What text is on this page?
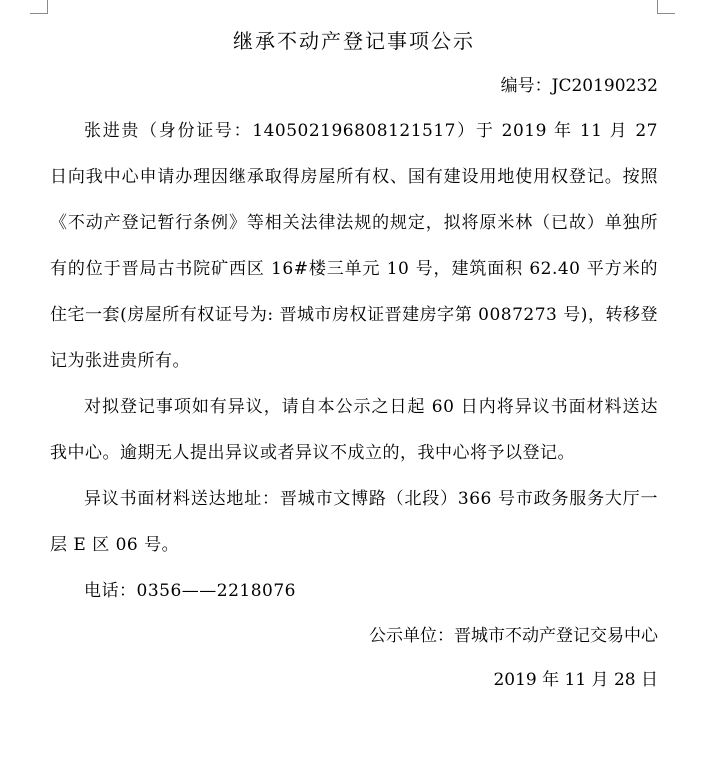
继承不动产登记事项公示

编号：JC20190232

张进贵（身份证号：140502196808121517）于 2019 年 11 月 27 日向我中心申请办理因继承取得房屋所有权、国有建设用地使用权登记。按照《不动产登记暂行条例》等相关法律法规的规定，拟将原米林（已故）单独所有的位于晋局古书院矿西区 16#楼三单元 10 号，建筑面积 62.40 平方米的住宅一套(房屋所有权证号为: 晋城市房权证晋建房字第 0087273 号)，转移登记为张进贵所有。

对拟登记事项如有异议，请自本公示之日起 60 日内将异议书面材料送达我中心。逾期无人提出异议或者异议不成立的，我中心将予以登记。

异议书面材料送达地址：晋城市文博路（北段）366 号市政务服务大厅一层 E 区 06 号。

电话：0356——2218076

公示单位：晋城市不动产登记交易中心

2019 年 11 月 28 日
